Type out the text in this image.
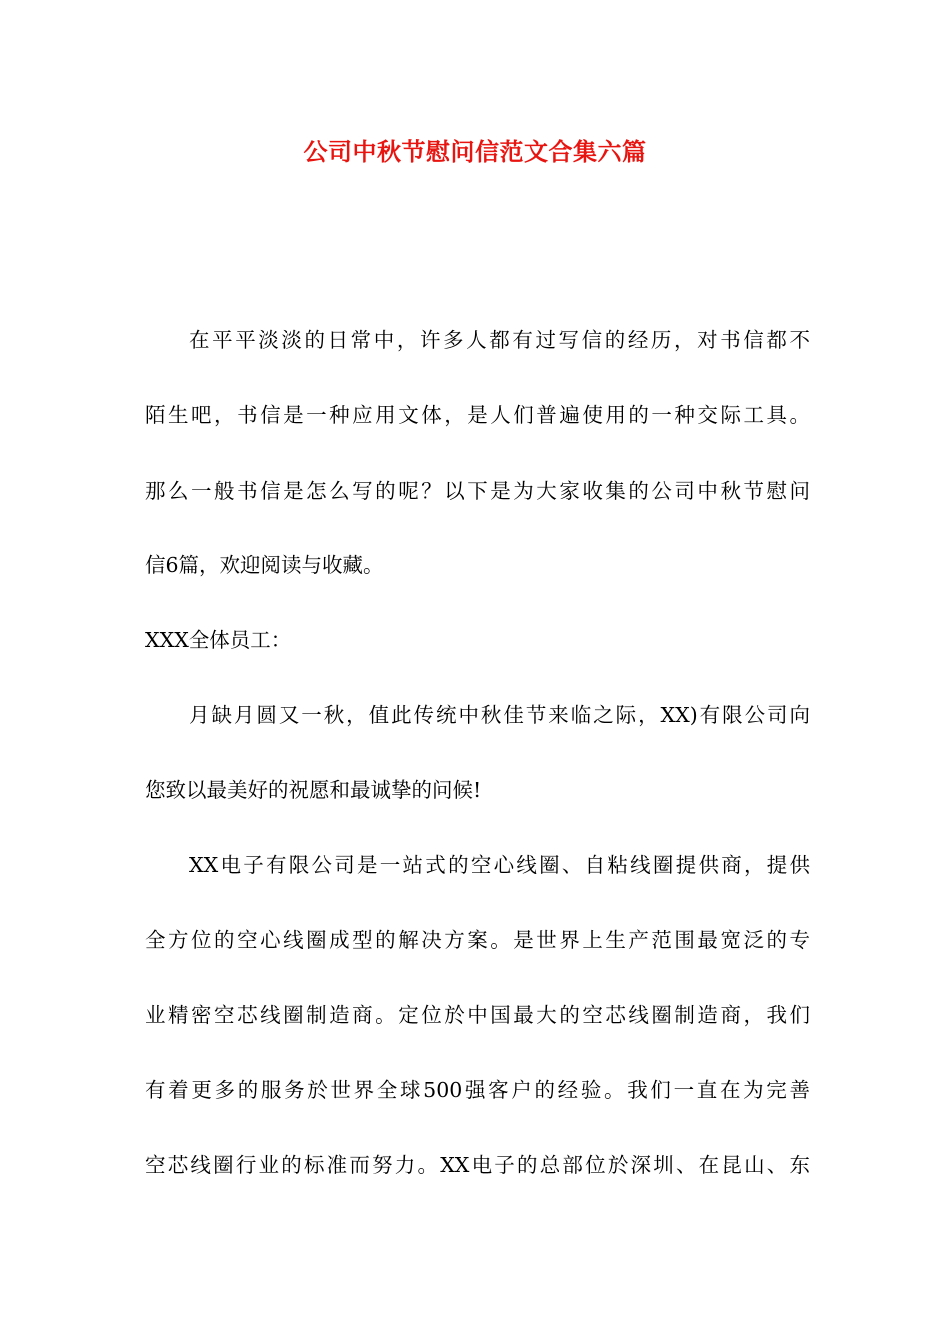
公司中秋节慰问信范文合集六篇
在平平淡淡的日常中，许多人都有过写信的经历，对书信都不
陌生吧，书信是一种应用文体，是人们普遍使用的一种交际工具。
那么一般书信是怎么写的呢？以下是为大家收集的公司中秋节慰问
信6篇，欢迎阅读与收藏。
XXX全体员工：
月缺月圆又一秋，值此传统中秋佳节来临之际，XX)有限公司向
您致以最美好的祝愿和最诚挚的问候!
XX电子有限公司是一站式的空心线圈、自粘线圈提供商，提供
全方位的空心线圈成型的解决方案。是世界上生产范围最宽泛的专
业精密空芯线圈制造商。定位於中国最大的空芯线圈制造商，我们
有着更多的服务於世界全球500强客户的经验。我们一直在为完善
空芯线圈行业的标准而努力。XX电子的总部位於深圳、在昆山、东
